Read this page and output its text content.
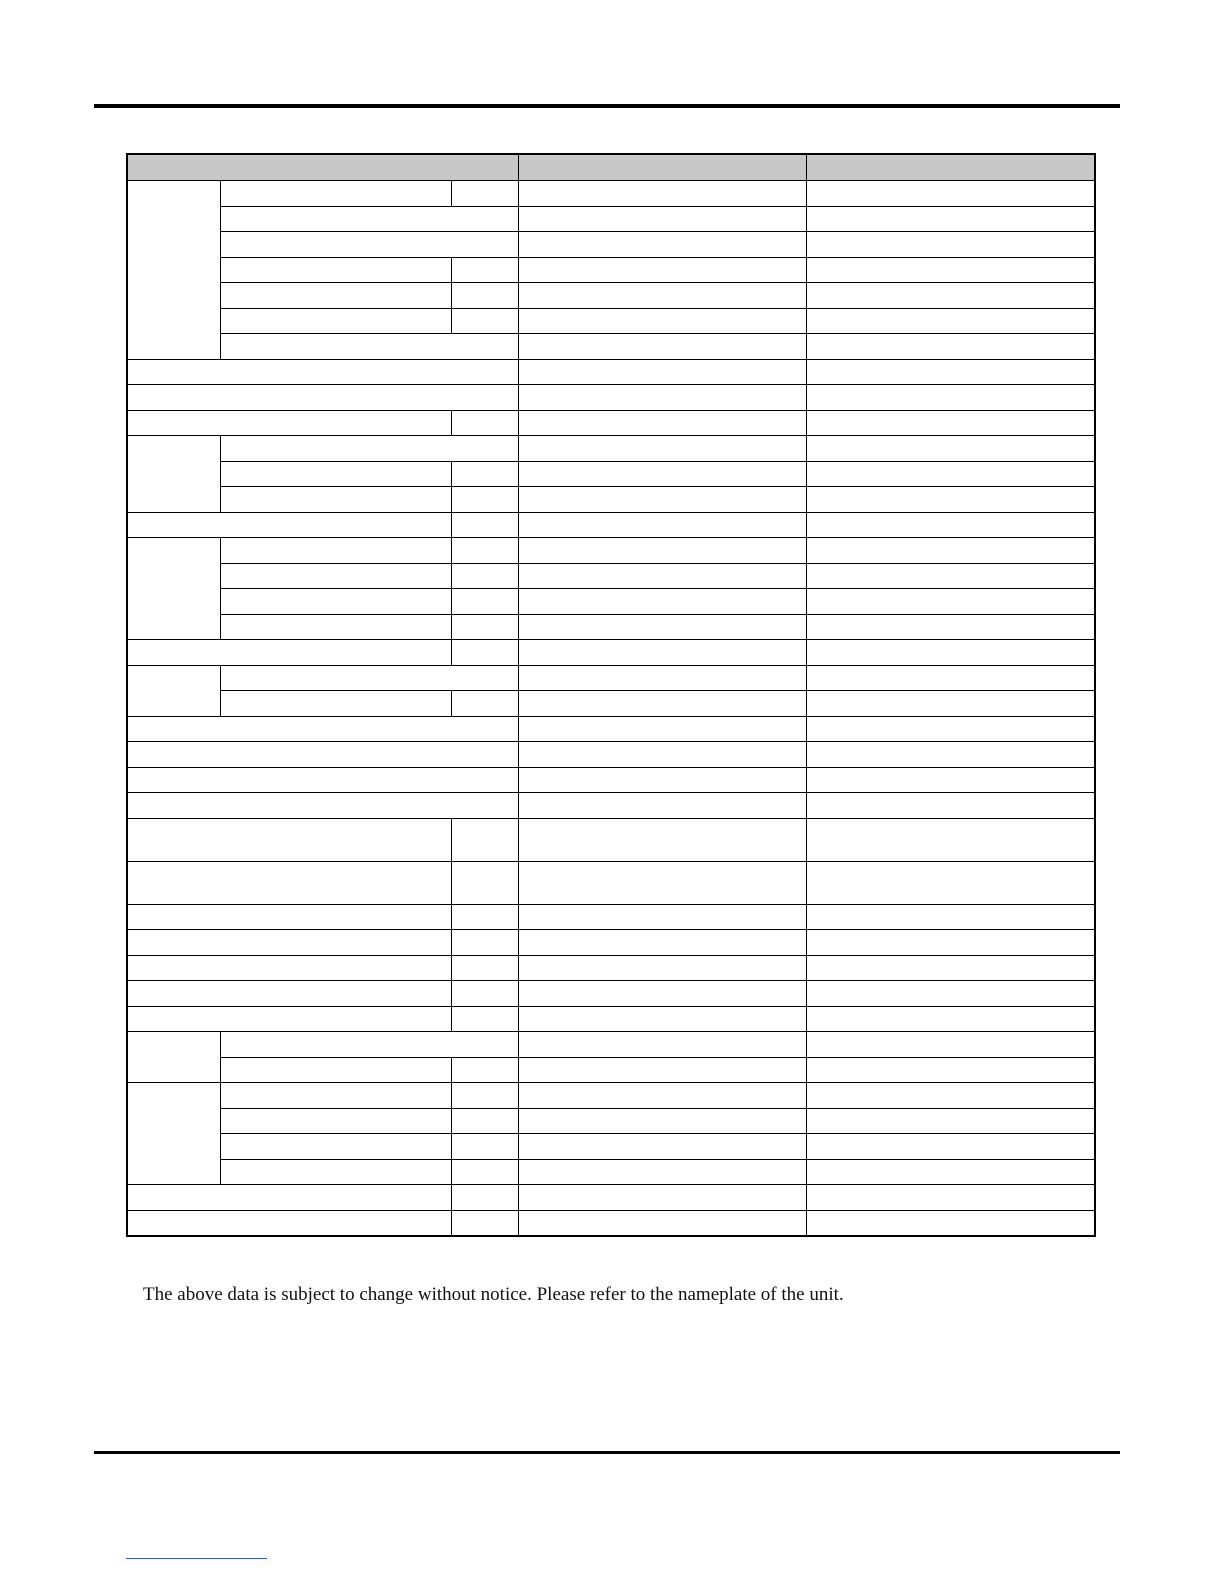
The above data is subject to change without notice. Please refer to the nameplate of the unit.
